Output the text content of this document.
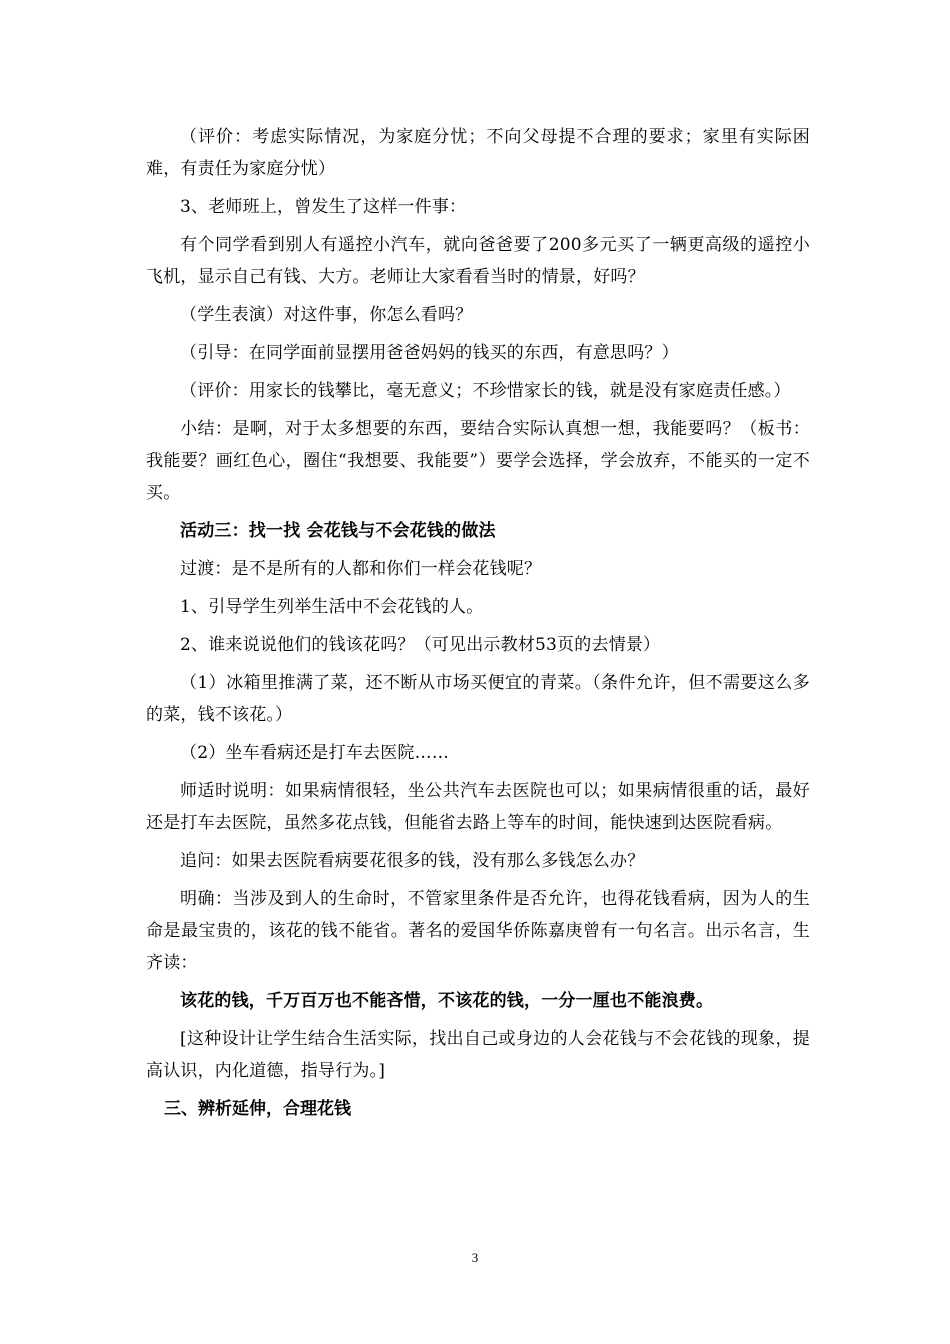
（评价：考虑实际情况，为家庭分忧；不向父母提不合理的要求；家里有实际困难，有责任为家庭分忧）

3、老师班上，曾发生了这样一件事：

有个同学看到别人有遥控小汽车，就向爸爸要了200多元买了一辆更高级的遥控小飞机，显示自己有钱、大方。老师让大家看看当时的情景，好吗？

（学生表演）对这件事，你怎么看吗？

（引导：在同学面前显摆用爸爸妈妈的钱买的东西，有意思吗？）

（评价：用家长的钱攀比，毫无意义；不珍惜家长的钱，就是没有家庭责任感。）

小结：是啊，对于太多想要的东西，要结合实际认真想一想，我能要吗？（板书：我能要？画红色心，圈住“我想要、我能要”）要学会选择，学会放弃，不能买的一定不买。

活动三：找一找 会花钱与不会花钱的做法

过渡：是不是所有的人都和你们一样会花钱呢？

1、引导学生列举生活中不会花钱的人。

2、谁来说说他们的钱该花吗？（可见出示教材53页的去情景）

（1）冰箱里推满了菜，还不断从市场买便宜的青菜。（条件允许，但不需要这么多的菜，钱不该花。）

（2）坐车看病还是打车去医院……

师适时说明：如果病情很轻，坐公共汽车去医院也可以；如果病情很重的话，最好还是打车去医院，虽然多花点钱，但能省去路上等车的时间，能快速到达医院看病。

追问：如果去医院看病要花很多的钱，没有那么多钱怎么办？

明确：当涉及到人的生命时，不管家里条件是否允许，也得花钱看病，因为人的生命是最宝贵的，该花的钱不能省。著名的爱国华侨陈嘉庚曾有一句名言。出示名言，生齐读：

该花的钱，千万百万也不能吝惜，不该花的钱，一分一厘也不能浪费。

[这种设计让学生结合生活实际，找出自己或身边的人会花钱与不会花钱的现象，提高认识，内化道德，指导行为。]

三、辨析延伸，合理花钱

3
